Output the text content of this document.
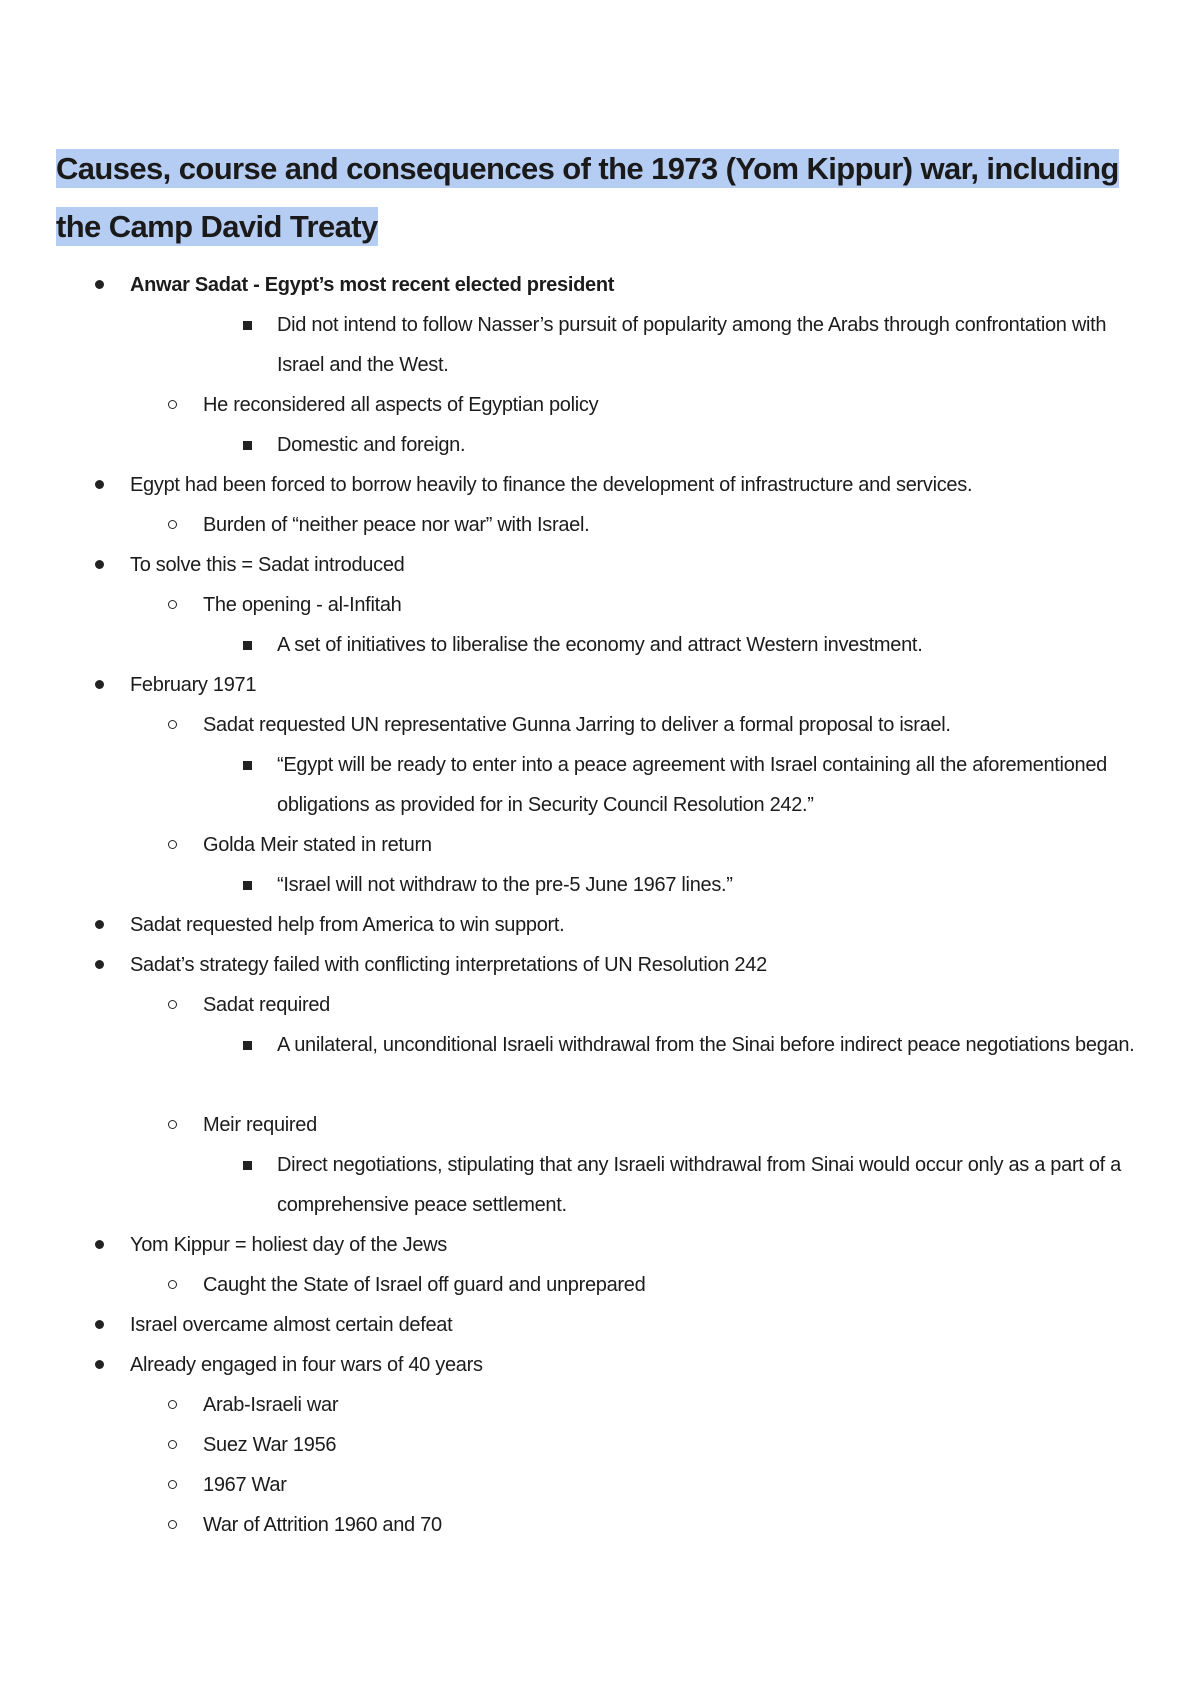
Causes, course and consequences of the 1973 (Yom Kippur) war, including the Camp David Treaty
Anwar Sadat - Egypt’s most recent elected president
Did not intend to follow Nasser’s pursuit of popularity among the Arabs through confrontation with Israel and the West.
He reconsidered all aspects of Egyptian policy
Domestic and foreign.
Egypt had been forced to borrow heavily to finance the development of infrastructure and services.
Burden of “neither peace nor war” with Israel.
To solve this = Sadat introduced
The opening - al-Infitah
A set of initiatives to liberalise the economy and attract Western investment.
February 1971
Sadat requested UN representative Gunna Jarring to deliver a formal proposal to israel.
“Egypt will be ready to enter into a peace agreement with Israel containing all the aforementioned obligations as provided for in Security Council Resolution 242.”
Golda Meir stated in return
“Israel will not withdraw to the pre-5 June 1967 lines.”
Sadat requested help from America to win support.
Sadat’s strategy failed with conflicting interpretations of UN Resolution 242
Sadat required
A unilateral, unconditional Israeli withdrawal from the Sinai before indirect peace negotiations began.
Meir required
Direct negotiations, stipulating that any Israeli withdrawal from Sinai would occur only as a part of a comprehensive peace settlement.
Yom Kippur = holiest day of the Jews
Caught the State of Israel off guard and unprepared
Israel overcame almost certain defeat
Already engaged in four wars of 40 years
Arab-Israeli war
Suez War 1956
1967 War
War of Attrition 1960 and 70
